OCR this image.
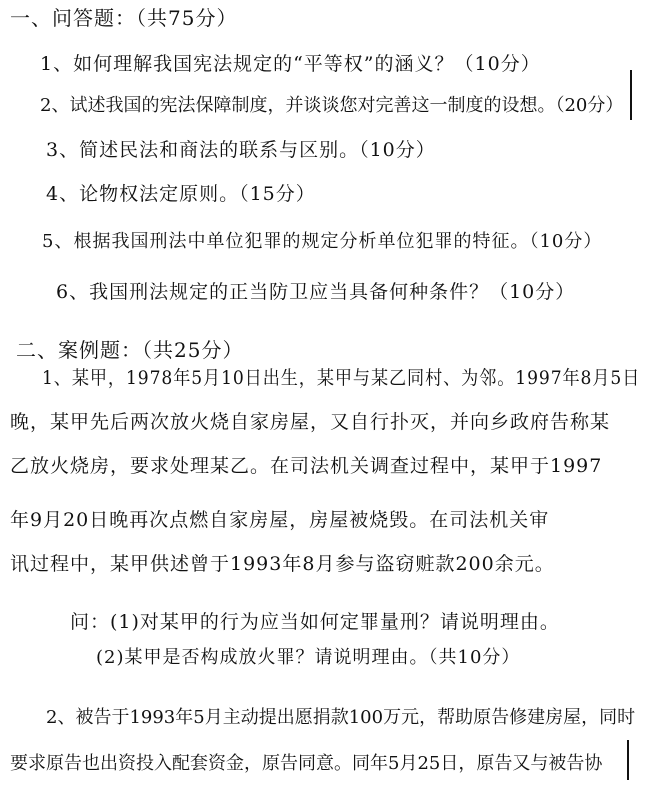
一、问答题：（共75分）
1、如何理解我国宪法规定的“平等权”的涵义？（10分）
2、试述我国的宪法保障制度，并谈谈您对完善这一制度的设想。（20分）
3、简述民法和商法的联系与区别。（10分）
4、论物权法定原则。（15分）
5、根据我国刑法中单位犯罪的规定分析单位犯罪的特征。（10分）
6、我国刑法规定的正当防卫应当具备何种条件？（10分）
二、案例题：（共25分）
1、某甲，1978年5月10日出生，某甲与某乙同村、为邻。1997年8月5日
晚，某甲先后两次放火烧自家房屋，又自行扑灭，并向乡政府告称某
乙放火烧房，要求处理某乙。在司法机关调查过程中，某甲于1997
年9月20日晚再次点燃自家房屋，房屋被烧毁。在司法机关审
讯过程中，某甲供述曾于1993年8月参与盗窃赃款200余元。
问：(1)对某甲的行为应当如何定罪量刑？请说明理由。
(2)某甲是否构成放火罪？请说明理由。（共10分）
2、被告于1993年5月主动提出愿捐款100万元，帮助原告修建房屋，同时
要求原告也出资投入配套资金，原告同意。同年5月25日，原告又与被告协
